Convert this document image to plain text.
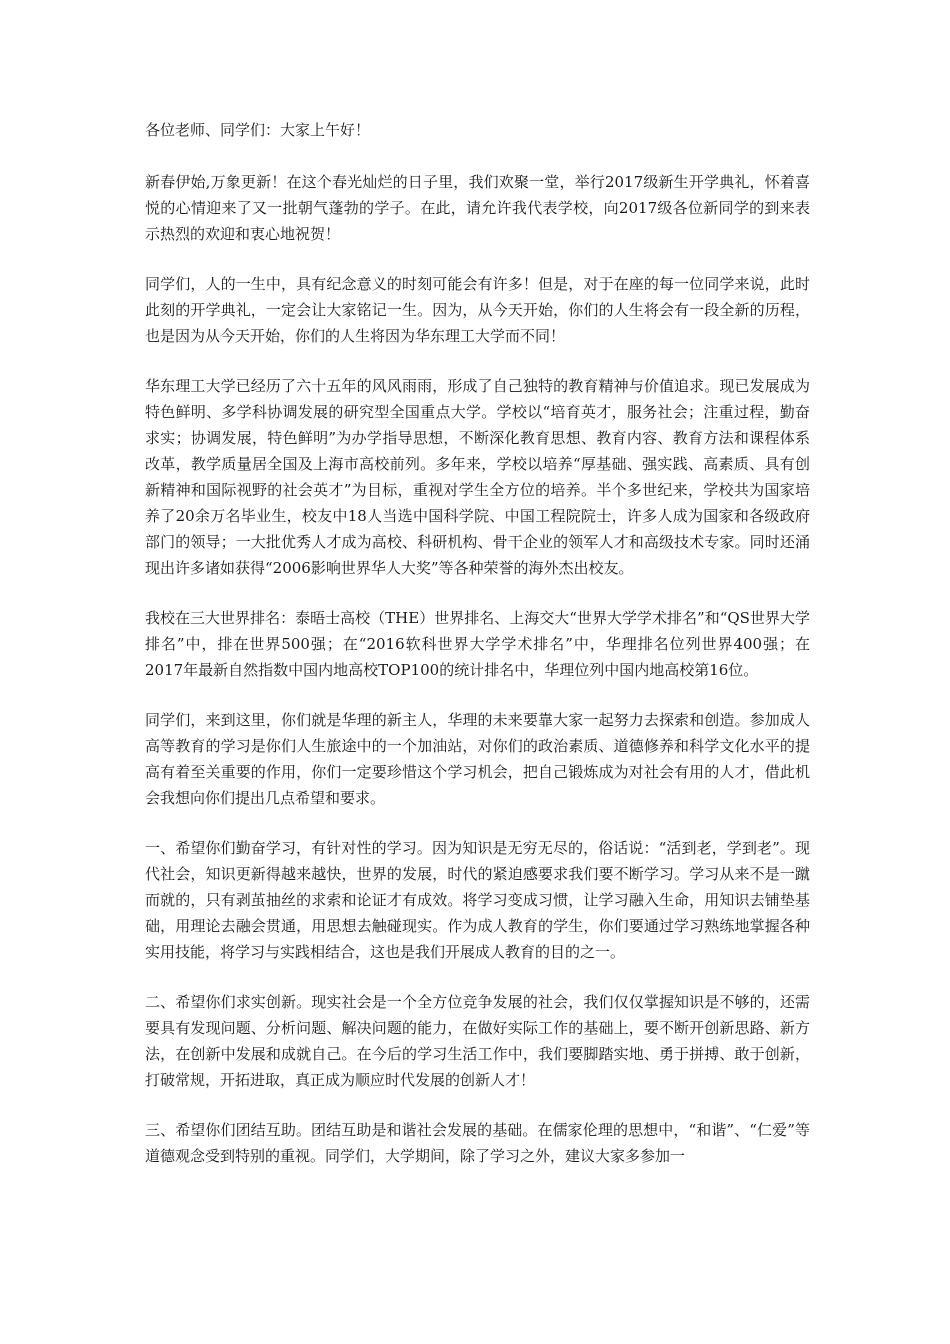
各位老师、同学们：大家上午好！

新春伊始,万象更新！在这个春光灿烂的日子里，我们欢聚一堂，举行2017级新生开学典礼，怀着喜悦的心情迎来了又一批朝气蓬勃的学子。在此，请允许我代表学校，向2017级各位新同学的到来表示热烈的欢迎和衷心地祝贺！

同学们，人的一生中，具有纪念意义的时刻可能会有许多！但是，对于在座的每一位同学来说，此时此刻的开学典礼，一定会让大家铭记一生。因为，从今天开始，你们的人生将会有一段全新的历程，也是因为从今天开始，你们的人生将因为华东理工大学而不同！

华东理工大学已经历了六十五年的风风雨雨，形成了自己独特的教育精神与价值追求。现已发展成为特色鲜明、多学科协调发展的研究型全国重点大学。学校以“培育英才，服务社会；注重过程，勤奋求实；协调发展，特色鲜明”为办学指导思想，不断深化教育思想、教育内容、教育方法和课程体系改革，教学质量居全国及上海市高校前列。多年来，学校以培养“厚基础、强实践、高素质、具有创新精神和国际视野的社会英才”为目标，重视对学生全方位的培养。半个多世纪来，学校共为国家培养了20余万名毕业生，校友中18人当选中国科学院、中国工程院院士，许多人成为国家和各级政府部门的领导；一大批优秀人才成为高校、科研机构、骨干企业的领军人才和高级技术专家。同时还涌现出许多诸如获得“2006影响世界华人大奖”等各种荣誉的海外杰出校友。

我校在三大世界排名：泰晤士高校（THE）世界排名、上海交大“世界大学学术排名”和“QS世界大学排名”中，排在世界500强；在“2016软科世界大学学术排名”中，华理排名位列世界400强；在2017年最新自然指数中国内地高校TOP100的统计排名中，华理位列中国内地高校第16位。

同学们，来到这里，你们就是华理的新主人，华理的未来要靠大家一起努力去探索和创造。参加成人高等教育的学习是你们人生旅途中的一个加油站，对你们的政治素质、道德修养和科学文化水平的提高有着至关重要的作用，你们一定要珍惜这个学习机会，把自己锻炼成为对社会有用的人才，借此机会我想向你们提出几点希望和要求。

一、希望你们勤奋学习，有针对性的学习。因为知识是无穷无尽的，俗话说：“活到老，学到老”。现代社会，知识更新得越来越快，世界的发展，时代的紧迫感要求我们要不断学习。学习从来不是一蹴而就的，只有剥茧抽丝的求索和论证才有成效。将学习变成习惯，让学习融入生命，用知识去铺垫基础，用理论去融会贯通，用思想去触碰现实。作为成人教育的学生，你们要通过学习熟练地掌握各种实用技能，将学习与实践相结合，这也是我们开展成人教育的目的之一。

二、希望你们求实创新。现实社会是一个全方位竞争发展的社会，我们仅仅掌握知识是不够的，还需要具有发现问题、分析问题、解决问题的能力，在做好实际工作的基础上，要不断开创新思路、新方法，在创新中发展和成就自己。在今后的学习生活工作中，我们要脚踏实地、勇于拼搏、敢于创新，打破常规，开拓进取，真正成为顺应时代发展的创新人才！

三、希望你们团结互助。团结互助是和谐社会发展的基础。在儒家伦理的思想中，“和谐”、“仁爱”等道德观念受到特别的重视。同学们，大学期间，除了学习之外，建议大家多参加一
